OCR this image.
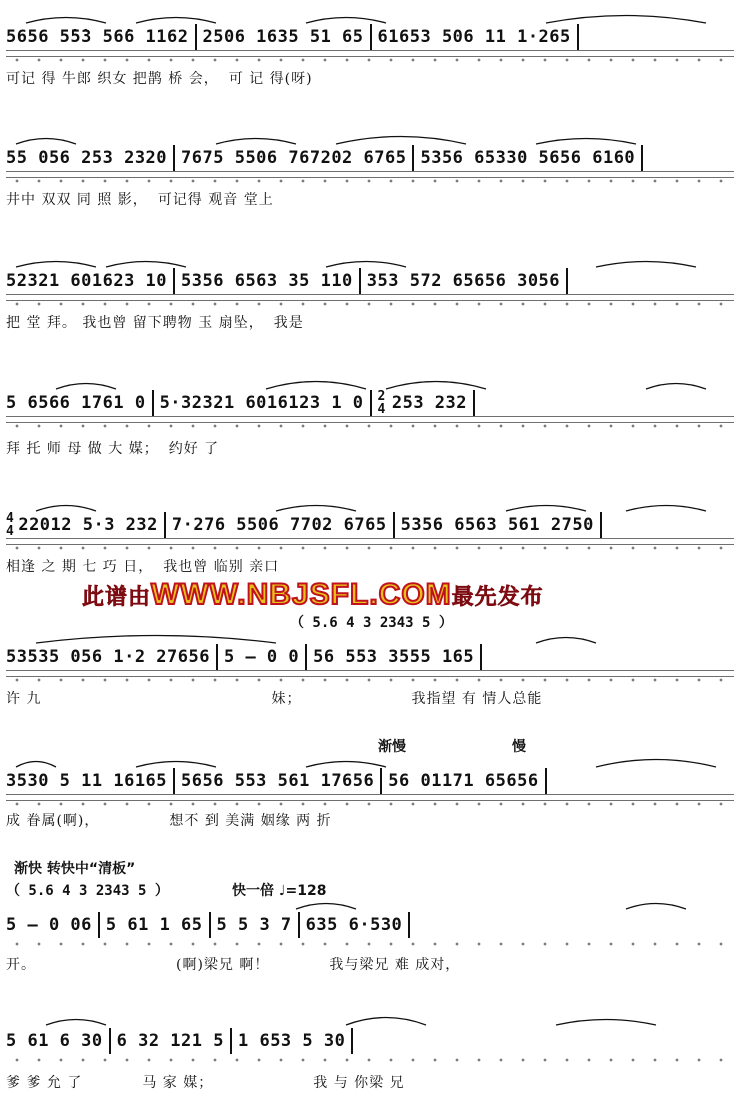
5656 5̇5̇3 56̇6 1162 2506 1635 51 65 61653 506 11 1·265
可记 得 牛郎 织女 把鹊 桥 会， 可 记 得(呀)
55 056 253 2320 7675 5506 767202 6765 5356 65330 5656 6160
井中 双双 同 照 影， 可记得 观音 堂上
52321 601623 10 5356 6563 35 110 353 572 65656 3056
把 堂 拜。 我也曾 留下聘物 玉 扇坠， 我是
5 6566 1761 0 5·32321 6016123 1 0 2
4 253 232
拜 托 师 母 做 大 媒； 约好 了
4
4 22012 5·3 232 7·276 5506 7702 6765 5356 6563 561 2750
相逢 之 期 七 巧 日， 我也曾 临别 亲口
此谱由WWW.NBJSFL.COM最先发布
（ 5.6 4 3 2343 5 ）
53535 056 1·2 27656 5 – 0 0 56 553 3555 165
许 九	妹；	我指望 有 情人总能
渐慢	慢
3530 5 11 16165 5656 553 561 17656 56 01171 65656
成 眷属(啊)，	想不 到 美满 姻缘 两 折
渐快 转快中“清板”
（ 5.6 4 3 2343 5 ）	快一倍 ♩=128
5 – 0 06 5 61 1 65 5 5 3 7 635 6·530
开。	(啊)梁兄 啊！	我与梁兄 难 成对，
5 61 6 30 6 32 121 5 1 653 5 30
爹 爹 允 了	马 家 媒；	我 与 你梁 兄
